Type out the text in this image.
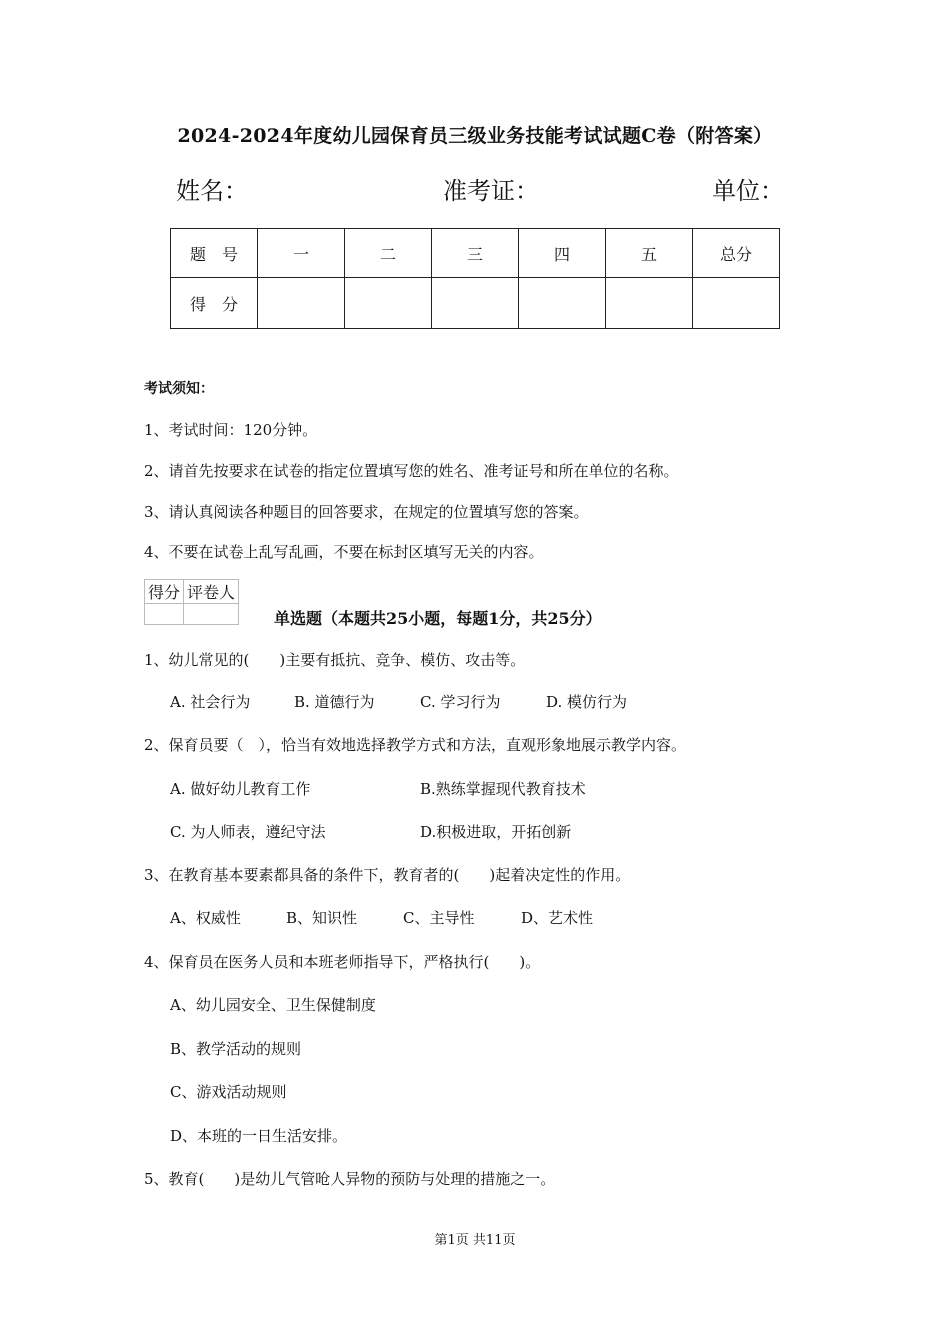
2024-2024年度幼儿园保育员三级业务技能考试试题C卷（附答案）
姓名：	准考证：	单位：
题　号	一	二	三	四	五	总分
得　分						
考试须知：
1、考试时间：120分钟。
2、请首先按要求在试卷的指定位置填写您的姓名、准考证号和所在单位的名称。
3、请认真阅读各种题目的回答要求，在规定的位置填写您的答案。
4、不要在试卷上乱写乱画，不要在标封区填写无关的内容。
得分	评卷人

单选题（本题共25小题，每题1分，共25分）
1、幼儿常见的(　　)主要有抵抗、竞争、模仿、攻击等。
A. 社会行为	B. 道德行为	C. 学习行为	D. 模仿行为
2、保育员要（　），恰当有效地选择教学方式和方法，直观形象地展示教学内容。
A. 做好幼儿教育工作	B.熟练掌握现代教育技术
C. 为人师表，遵纪守法	D.积极进取，开拓创新
3、在教育基本要素都具备的条件下，教育者的(　　)起着决定性的作用。
A、权威性	B、知识性	C、主导性	D、艺术性
4、保育员在医务人员和本班老师指导下，严格执行(　　)。
A、幼儿园安全、卫生保健制度
B、教学活动的规则
C、游戏活动规则
D、本班的一日生活安排。
5、教育(　　)是幼儿气管呛人异物的预防与处理的措施之一。
第1页 共11页
